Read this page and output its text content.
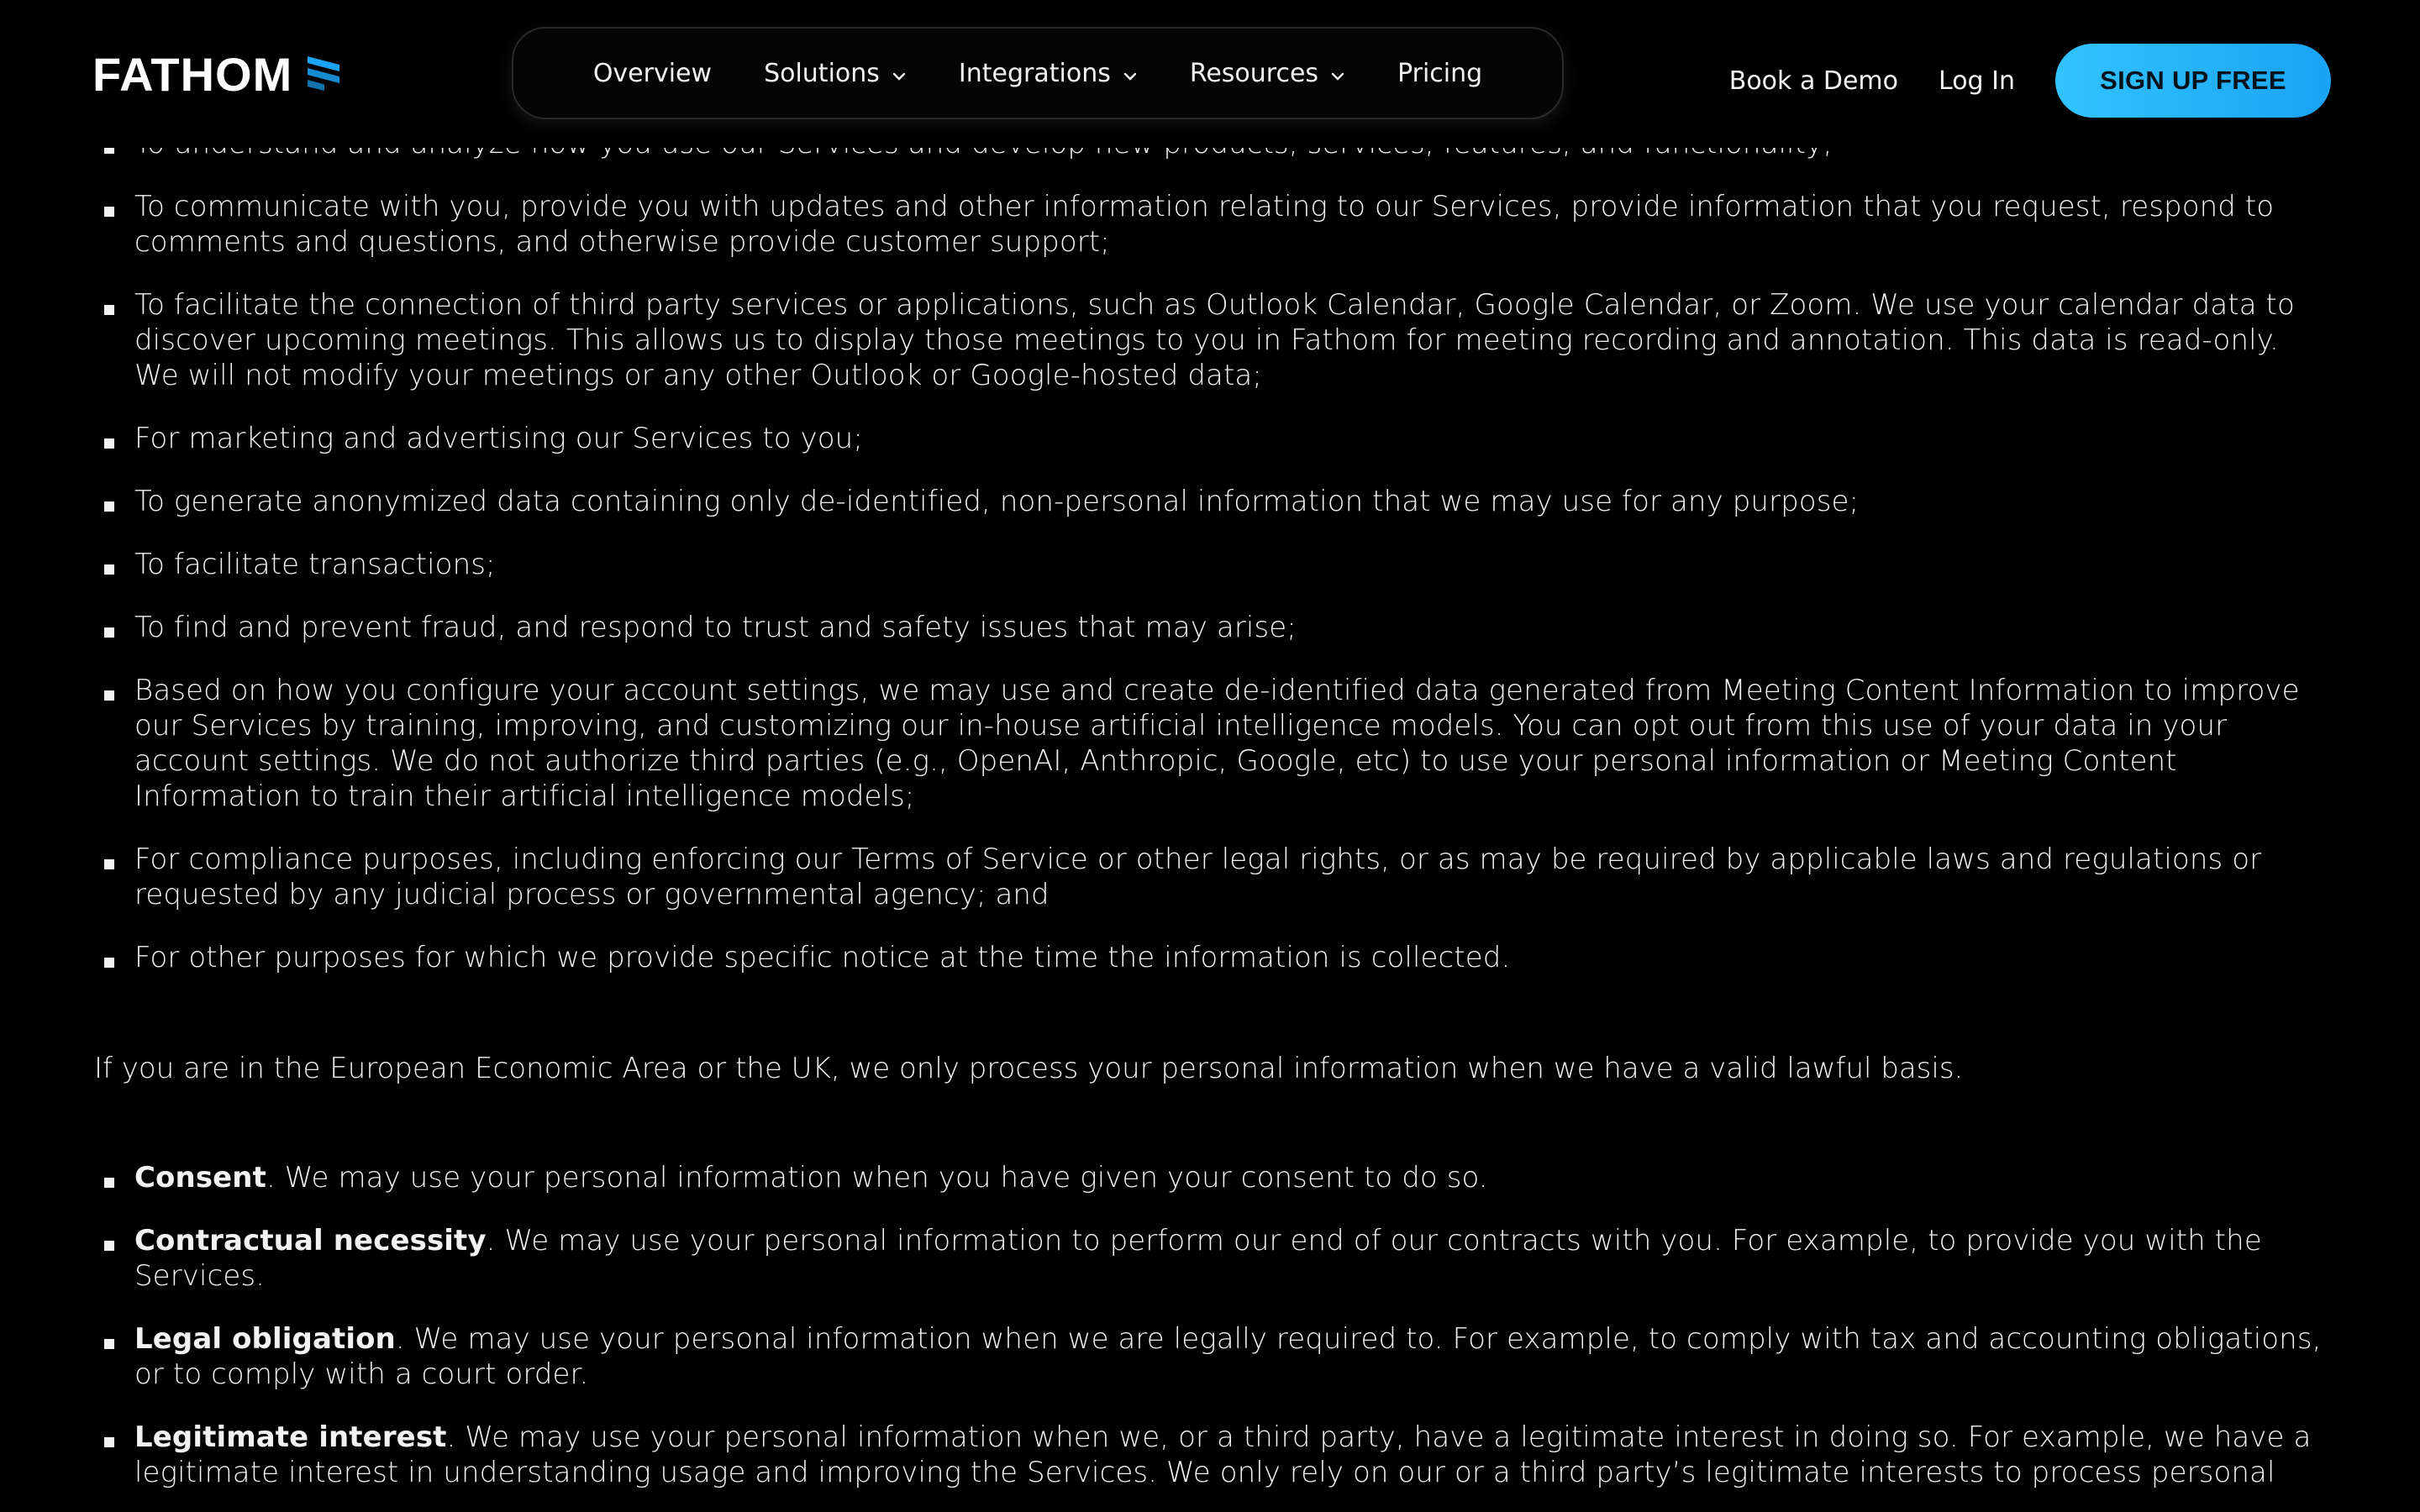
To communicate with you, provide you with updates and other information relating to our Services, provide information that you request, respond to comments and questions, and otherwise provide customer support;
To facilitate the connection of third party services or applications, such as Outlook Calendar, Google Calendar, or Zoom. We use your calendar data to discover upcoming meetings. This allows us to display those meetings to you in Fathom for meeting recording and annotation. This data is read-only. We will not modify your meetings or any other Outlook or Google-hosted data;
For marketing and advertising our Services to you;
To generate anonymized data containing only de-identified, non-personal information that we may use for any purpose;
To facilitate transactions;
To find and prevent fraud, and respond to trust and safety issues that may arise;
Based on how you configure your account settings, we may use and create de-identified data generated from Meeting Content Information to improve our Services by training, improving, and customizing our in-house artificial intelligence models. You can opt out from this use of your data in your account settings. We do not authorize third parties (e.g., OpenAI, Anthropic, Google, etc) to use your personal information or Meeting Content Information to train their artificial intelligence models;
For compliance purposes, including enforcing our Terms of Service or other legal rights, or as may be required by applicable laws and regulations or requested by any judicial process or governmental agency; and
For other purposes for which we provide specific notice at the time the information is collected.

If you are in the European Economic Area or the UK, we only process your personal information when we have a valid lawful basis.

Consent. We may use your personal information when you have given your consent to do so.
Contractual necessity. We may use your personal information to perform our end of our contracts with you. For example, to provide you with the Services.
Legal obligation. We may use your personal information when we are legally required to. For example, to comply with tax and accounting obligations, or to comply with a court order.
Legitimate interest. We may use your personal information when we, or a third party, have a legitimate interest in doing so. For example, we have a legitimate interest in understanding usage and improving the Services. We only rely on our or a third party’s legitimate interests to process personal
FATHOM	Overview Solutions	Integrations	Resources	Pricing	Book a Demo Log In	SIGN UP FREE
